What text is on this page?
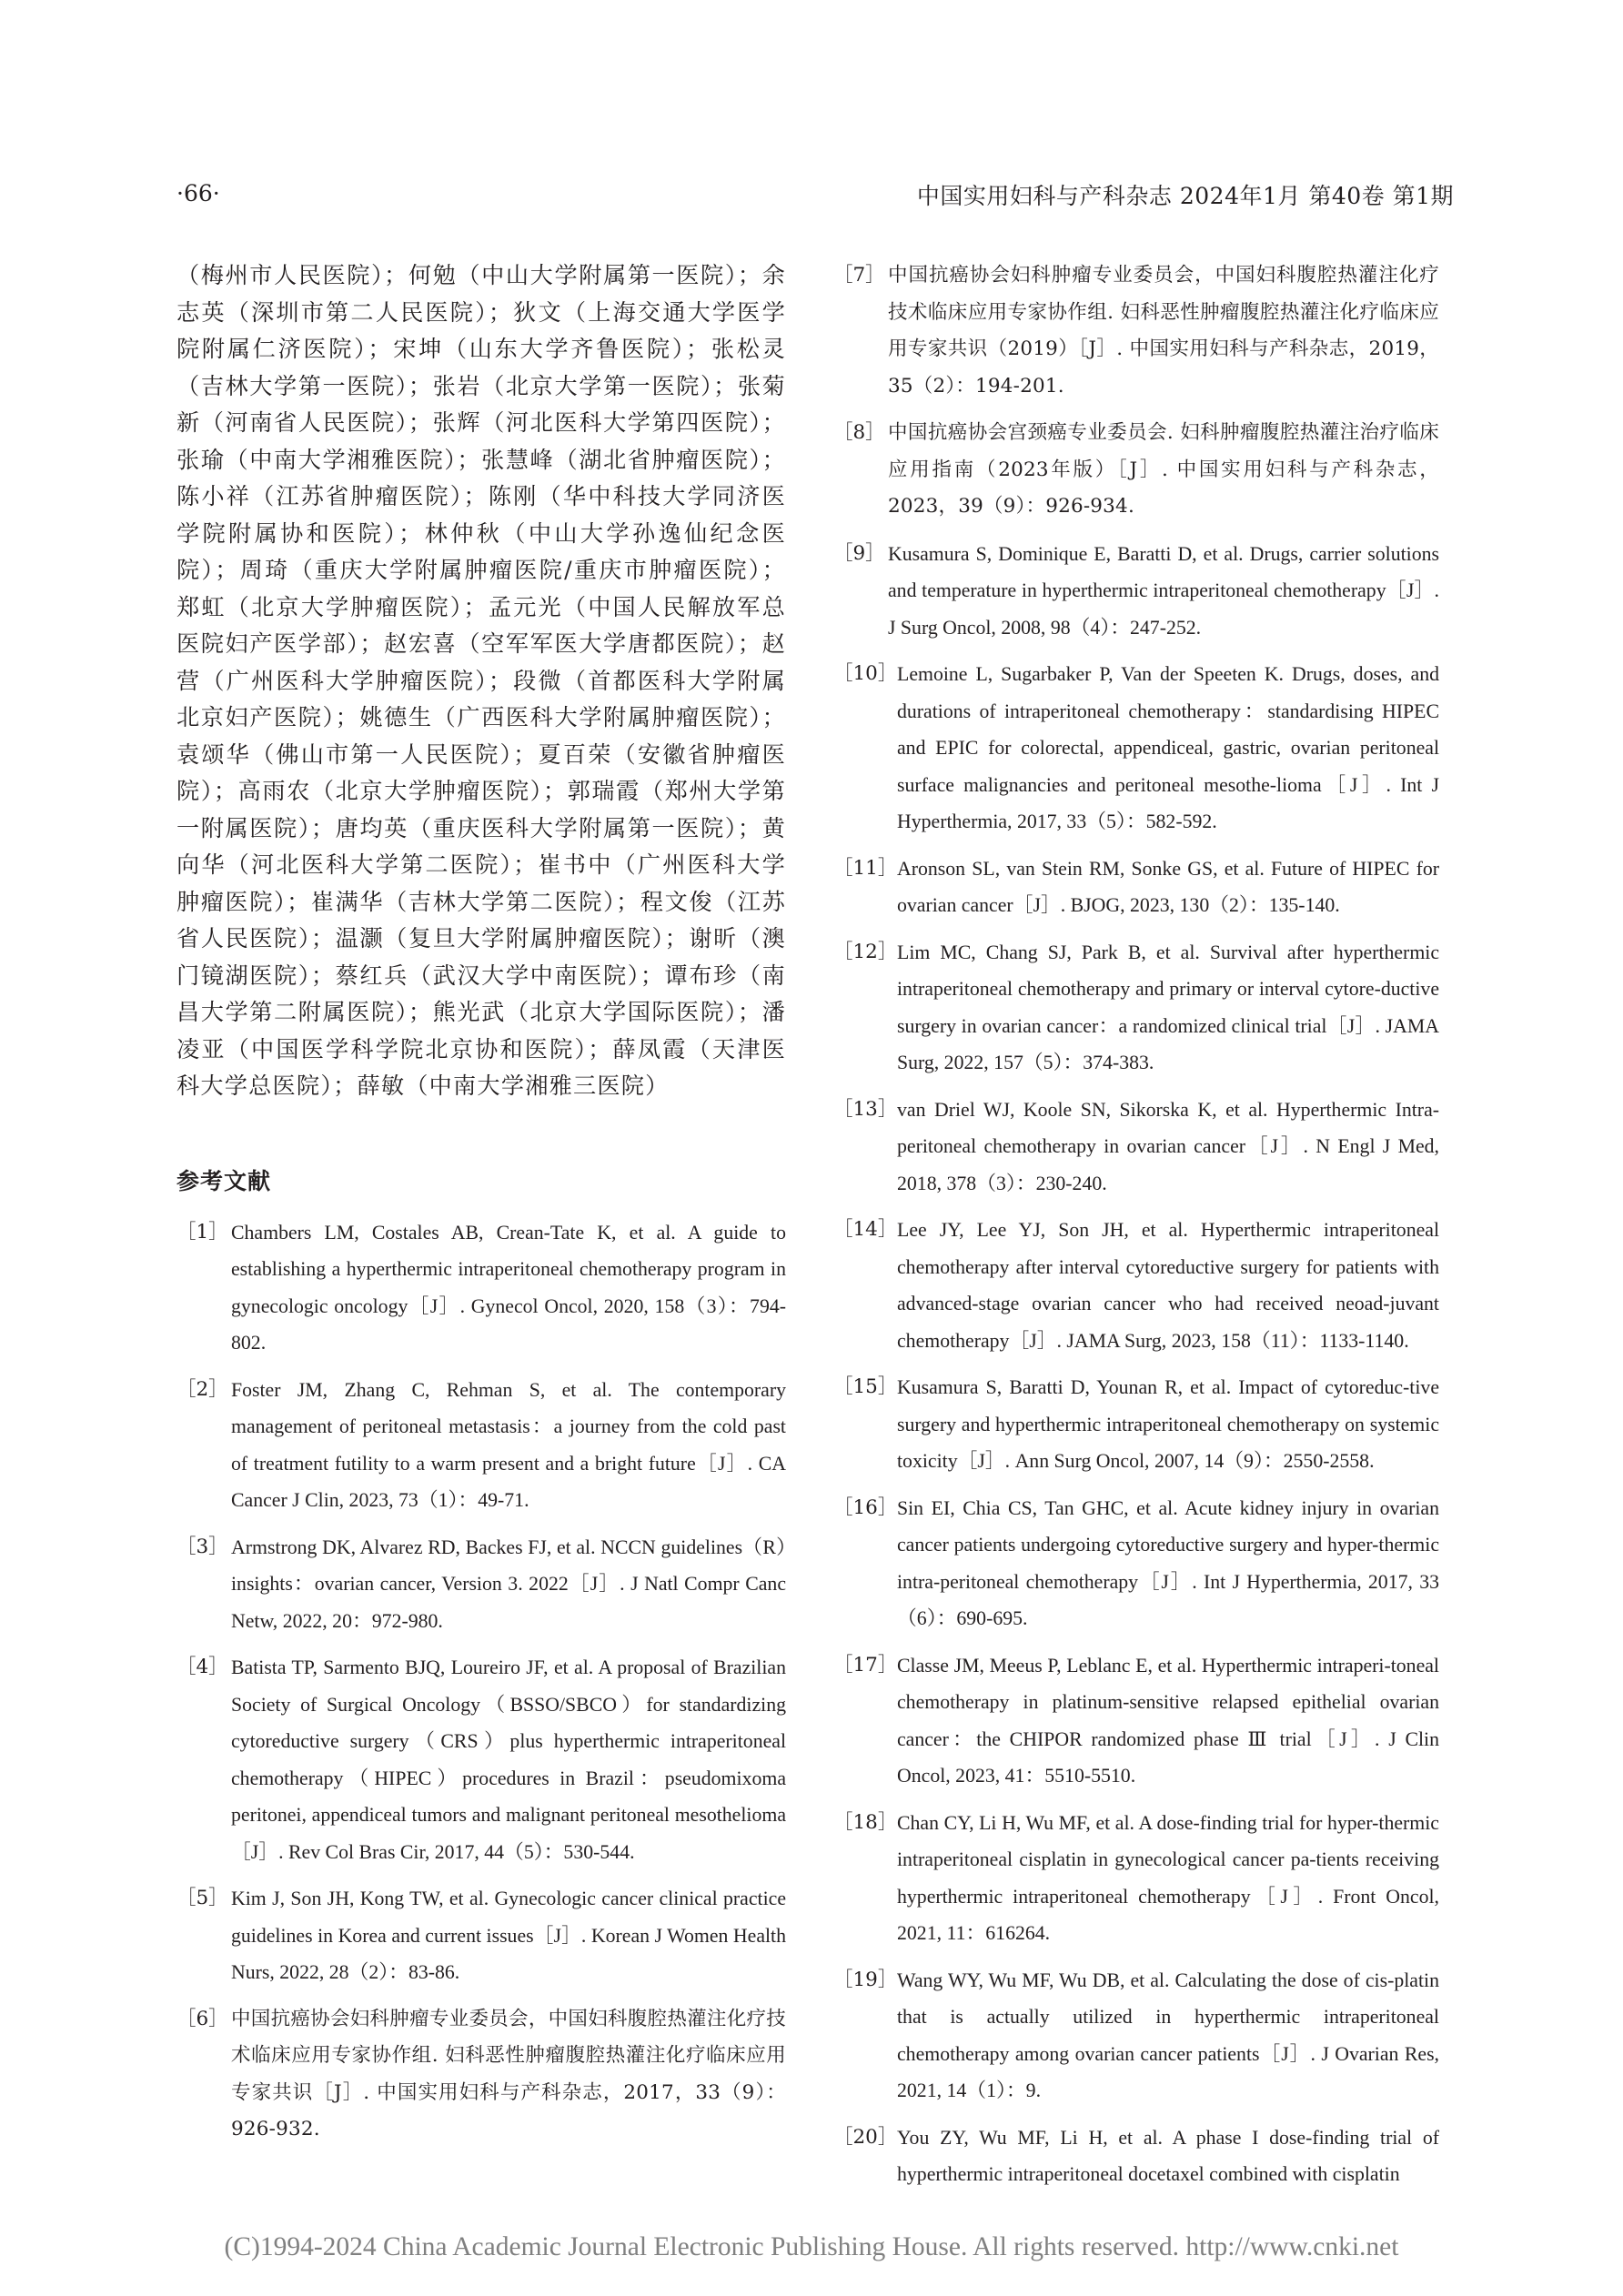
·66·	中国实用妇科与产科杂志 2024年1月 第40卷 第1期
（梅州市人民医院）；何勉（中山大学附属第一医院）；余志英（深圳市第二人民医院）；狄文（上海交通大学医学院附属仁济医院）；宋坤（山东大学齐鲁医院）；张松灵（吉林大学第一医院）；张岩（北京大学第一医院）；张菊新（河南省人民医院）；张辉（河北医科大学第四医院）；张瑜（中南大学湘雅医院）；张慧峰（湖北省肿瘤医院）；陈小祥（江苏省肿瘤医院）；陈刚（华中科技大学同济医学院附属协和医院）；林仲秋（中山大学孙逸仙纪念医院）；周琦（重庆大学附属肿瘤医院/重庆市肿瘤医院）；郑虹（北京大学肿瘤医院）；孟元光（中国人民解放军总医院妇产医学部）；赵宏喜（空军军医大学唐都医院）；赵营（广州医科大学肿瘤医院）；段微（首都医科大学附属北京妇产医院）；姚德生（广西医科大学附属肿瘤医院）；袁颂华（佛山市第一人民医院）；夏百荣（安徽省肿瘤医院）；高雨农（北京大学肿瘤医院）；郭瑞霞（郑州大学第一附属医院）；唐均英（重庆医科大学附属第一医院）；黄向华（河北医科大学第二医院）；崔书中（广州医科大学肿瘤医院）；崔满华（吉林大学第二医院）；程文俊（江苏省人民医院）；温灏（复旦大学附属肿瘤医院）；谢昕（澳门镜湖医院）；蔡红兵（武汉大学中南医院）；谭布珍（南昌大学第二附属医院）；熊光武（北京大学国际医院）；潘凌亚（中国医学科学院北京协和医院）；薛凤霞（天津医科大学总医院）；薛敏（中南大学湘雅三医院）
参考文献
［1］ Chambers LM, Costales AB, Crean-Tate K, et al. A guide to establishing a hyperthermic intraperitoneal chemotherapy program in gynecologic oncology［J］. Gynecol Oncol, 2020, 158（3）：794-802.
［2］ Foster JM, Zhang C, Rehman S, et al. The contemporary management of peritoneal metastasis：a journey from the cold past of treatment futility to a warm present and a bright future［J］. CA Cancer J Clin, 2023, 73（1）：49-71.
［3］ Armstrong DK, Alvarez RD, Backes FJ, et al. NCCN guidelines（R）insights：ovarian cancer, Version 3. 2022［J］. J Natl Compr Canc Netw, 2022, 20：972-980.
［4］ Batista TP, Sarmento BJQ, Loureiro JF, et al. A proposal of Brazilian Society of Surgical Oncology（BSSO/SBCO）for standardizing cytoreductive surgery（CRS）plus hyperthermic intraperitoneal chemotherapy（HIPEC）procedures in Brazil：pseudomixoma peritonei, appendiceal tumors and malignant peritoneal mesothelioma［J］. Rev Col Bras Cir, 2017, 44（5）：530-544.
［5］ Kim J, Son JH, Kong TW, et al. Gynecologic cancer clinical practice guidelines in Korea and current issues［J］. Korean J Women Health Nurs, 2022, 28（2）：83-86.
［6］ 中国抗癌协会妇科肿瘤专业委员会，中国妇科腹腔热灌注化疗技术临床应用专家协作组. 妇科恶性肿瘤腹腔热灌注化疗临床应用专家共识［J］. 中国实用妇科与产科杂志，2017，33（9）：926-932.
［7］ 中国抗癌协会妇科肿瘤专业委员会，中国妇科腹腔热灌注化疗技术临床应用专家协作组. 妇科恶性肿瘤腹腔热灌注化疗临床应用专家共识（2019）［J］. 中国实用妇科与产科杂志，2019，35（2）：194-201.
［8］ 中国抗癌协会宫颈癌专业委员会. 妇科肿瘤腹腔热灌注治疗临床应用指南（2023年版）［J］. 中国实用妇科与产科杂志，2023，39（9）：926-934.
［9］ Kusamura S, Dominique E, Baratti D, et al. Drugs, carrier solutions and temperature in hyperthermic intraperitoneal chemotherapy［J］. J Surg Oncol, 2008, 98（4）：247-252.
［10］ Lemoine L, Sugarbaker P, Van der Speeten K. Drugs, doses, and durations of intraperitoneal chemotherapy：standardising HIPEC and EPIC for colorectal, appendiceal, gastric, ovarian peritoneal surface malignancies and peritoneal mesothe-lioma［J］. Int J Hyperthermia, 2017, 33（5）：582-592.
［11］ Aronson SL, van Stein RM, Sonke GS, et al. Future of HIPEC for ovarian cancer［J］. BJOG, 2023, 130（2）：135-140.
［12］ Lim MC, Chang SJ, Park B, et al. Survival after hyperthermic intraperitoneal chemotherapy and primary or interval cytore-ductive surgery in ovarian cancer：a randomized clinical trial［J］. JAMA Surg, 2022, 157（5）：374-383.
［13］ van Driel WJ, Koole SN, Sikorska K, et al. Hyperthermic Intra-peritoneal chemotherapy in ovarian cancer［J］. N Engl J Med, 2018, 378（3）：230-240.
［14］ Lee JY, Lee YJ, Son JH, et al. Hyperthermic intraperitoneal chemotherapy after interval cytoreductive surgery for patients with advanced-stage ovarian cancer who had received neoad-juvant chemotherapy［J］. JAMA Surg, 2023, 158（11）：1133-1140.
［15］ Kusamura S, Baratti D, Younan R, et al. Impact of cytoreduc-tive surgery and hyperthermic intraperitoneal chemotherapy on systemic toxicity［J］. Ann Surg Oncol, 2007, 14（9）：2550-2558.
［16］ Sin EI, Chia CS, Tan GHC, et al. Acute kidney injury in ovarian cancer patients undergoing cytoreductive surgery and hyper-thermic intra-peritoneal chemotherapy［J］. Int J Hyperthermia, 2017, 33（6）：690-695.
［17］ Classe JM, Meeus P, Leblanc E, et al. Hyperthermic intraperi-toneal chemotherapy in platinum-sensitive relapsed epithelial ovarian cancer：the CHIPOR randomized phase Ⅲ trial［J］. J Clin Oncol, 2023, 41：5510-5510.
［18］ Chan CY, Li H, Wu MF, et al. A dose-finding trial for hyper-thermic intraperitoneal cisplatin in gynecological cancer pa-tients receiving hyperthermic intraperitoneal chemotherapy［J］. Front Oncol, 2021, 11：616264.
［19］ Wang WY, Wu MF, Wu DB, et al. Calculating the dose of cis-platin that is actually utilized in hyperthermic intraperitoneal chemotherapy among ovarian cancer patients［J］. J Ovarian Res, 2021, 14（1）：9.
［20］ You ZY, Wu MF, Li H, et al. A phase I dose-finding trial of hyperthermic intraperitoneal docetaxel combined with cisplatin
(C)1994-2024 China Academic Journal Electronic Publishing House. All rights reserved. http://www.cnki.net
